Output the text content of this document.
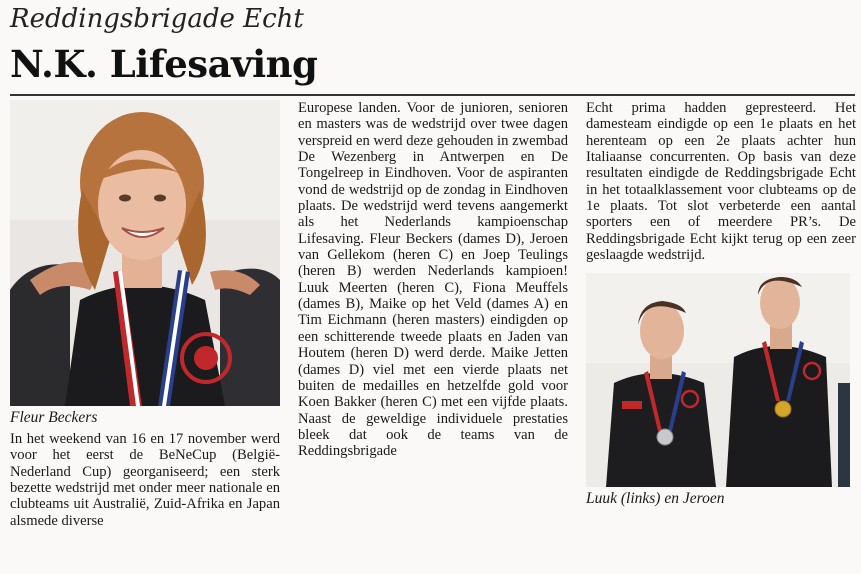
Reddingsbrigade Echt
N.K. Lifesaving
Fleur Beckers

In het weekend van 16 en 17 november werd voor het eerst de BeNeCup (België-Nederland Cup) georganiseerd; een sterk bezette wedstrijd met onder meer nationale en clubteams uit Australië, Zuid-Afrika en Japan alsmede diverse

Europese landen. Voor de junioren, senioren en masters was de wedstrijd over twee dagen verspreid en werd deze gehouden in zwembad De Wezenberg in Antwerpen en De Tongelreep in Eindhoven. Voor de aspiranten vond de wedstrijd op de zondag in Eindhoven plaats. De wedstrijd werd tevens aangemerkt als het Nederlands kampioenschap Lifesaving. Fleur Beckers (dames D), Jeroen van Gellekom (heren C) en Joep Teulings (heren B) werden Nederlands kampioen! Luuk Meerten (heren C), Fiona Meuffels (dames B), Maike op het Veld (dames A) en Tim Eichmann (heren masters) eindigden op een schitterende tweede plaats en Jaden van Houtem (heren D) werd derde. Maike Jetten (dames D) viel met een vierde plaats net buiten de medailles en hetzelfde gold voor Koen Bakker (heren C) met een vijfde plaats. Naast de geweldige individuele prestaties bleek dat ook de teams van de Reddingsbrigade

Echt prima hadden gepresteerd. Het damesteam eindigde op een 1e plaats en het herenteam op een 2e plaats achter hun Italiaanse concurrenten. Op basis van deze resultaten eindigde de Reddingsbrigade Echt in het totaalklassement voor clubteams op de 1e plaats. Tot slot verbeterde een aantal sporters een of meerdere PR’s. De Reddingsbrigade Echt kijkt terug op een zeer geslaagde wedstrijd.

Luuk (links) en Jeroen
